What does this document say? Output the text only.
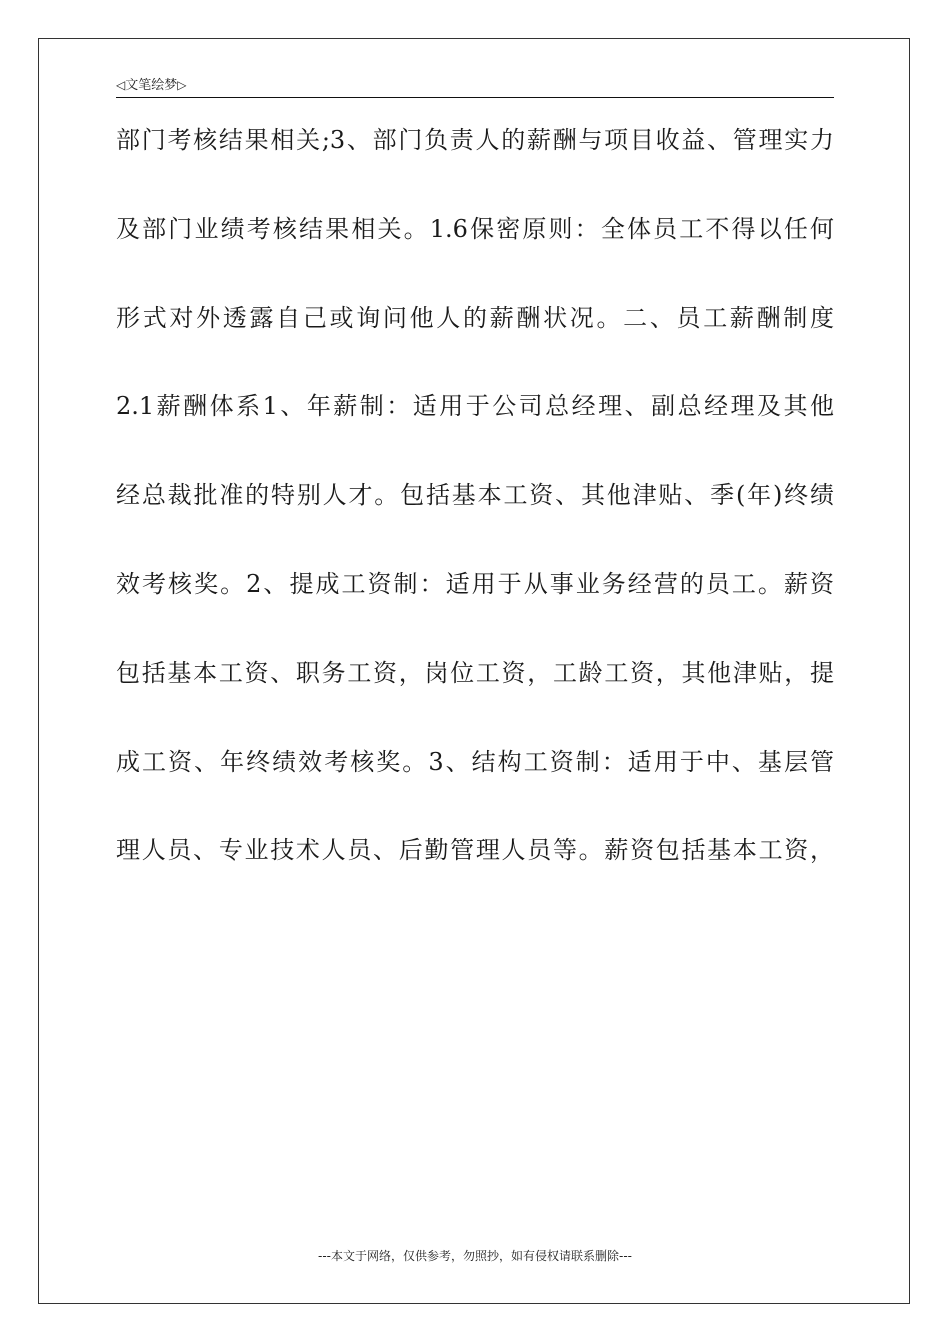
◁文笔绘梦▷
部门考核结果相关;3、部门负责人的薪酬与项目收益、管理实力
及部门业绩考核结果相关。1.6保密原则：全体员工不得以任何
形式对外透露自己或询问他人的薪酬状况。二、员工薪酬制度
2.1薪酬体系1、年薪制：适用于公司总经理、副总经理及其他
经总裁批准的特别人才。包括基本工资、其他津贴、季(年)终绩
效考核奖。2、提成工资制：适用于从事业务经营的员工。薪资
包括基本工资、职务工资，岗位工资，工龄工资，其他津贴，提
成工资、年终绩效考核奖。3、结构工资制：适用于中、基层管
理人员、专业技术人员、后勤管理人员等。薪资包括基本工资，
---本文于网络，仅供参考，勿照抄，如有侵权请联系删除---
